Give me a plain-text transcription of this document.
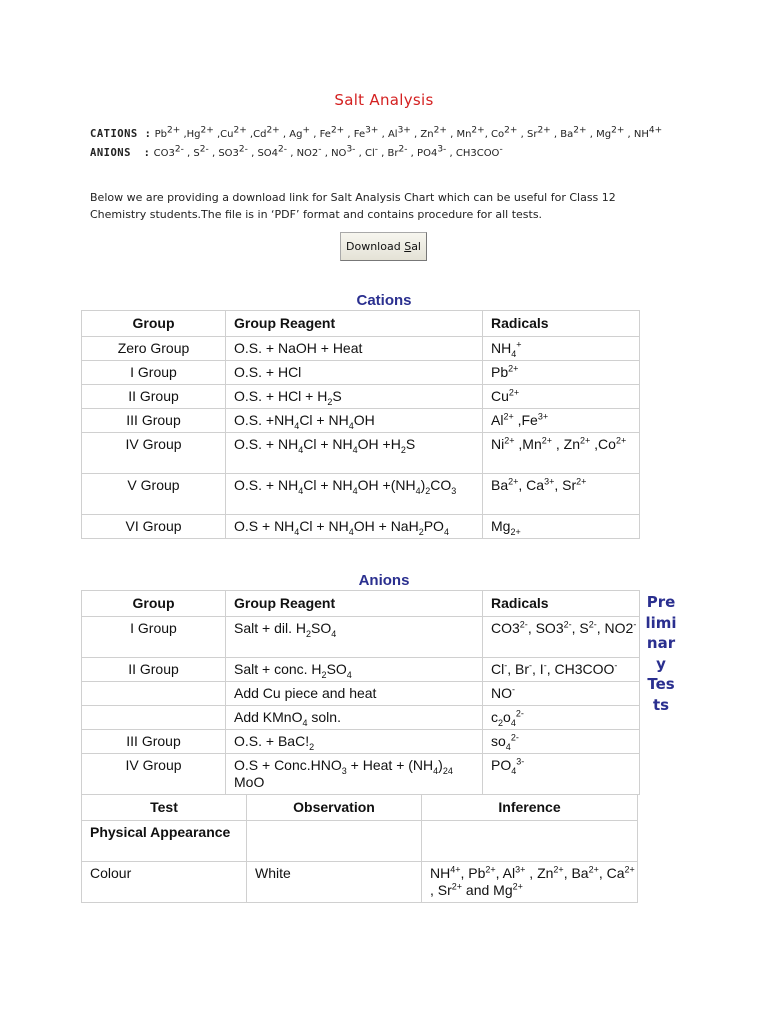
Salt Analysis
CATIONS : $Pb^{2+}$ $,Hg^{2+}$ $,Cu^{2+}$ $,Cd^{2+}$ , Ag+ , $Fe^{2+}$ , $Fe^{3+}$ , $Al^{3+}$ , $Zn^{2+}$ , $Mn^{2+}$, $Co^{2+}$ , $Sr^{2+}$ , $Ba^{2+}$ , $Mg^{2+}$ , $NH^{4+}$
ANIONS : $CO3^{2-}$ , $S^{2-}$ , $SO3^{2-}$ , $SO4^{2-}$ , NO2- , $NO^{3-}$ , Cl- , $Br^{2-}$ , $PO4^{3-}$ , CH3COO-
Below we are providing a download link for Salt Analysis Chart which can be useful for Class 12 Chemistry students.The file is in ‘PDF’ format and contains procedure for all tests.
Download Sal
Cations
Group	Group Reagent	Radicals
Zero Group	O.S. + NaOH + Heat	$NH_4^+$
I Group	O.S. + HCl	$Pb^{2+}$
II Group	O.S. + HCl + $H_2S$	$Cu^{2+}$
III Group	O.S. $+NH_4Cl + NH_4OH$	$Al^{2+}$ $,Fe^{3+}$
IV Group	O.S. + $NH_4Cl + NH_4OH +H_2S$	$Ni^{2+}$ $,Mn^{2+}$ , $Zn^{2+}$ $,Co^{2+}$
V Group	O.S. + $NH_4Cl + NH_4OH +(NH_4)_2CO_3$	$Ba^{2+}$, $Ca^{3+}$, $Sr^{2+}$
VI Group	$O.S + NH_4Cl + NH_4OH + NaH_2PO_4$	$Mg_{2+}$
Anions
Group	Group Reagent	Radicals
I Group	Salt + dil. $H_2SO_4$	$CO3^{2-}$, $SO3^{2-}$, $S^{2-}$, NO2-
II Group	Salt + conc. $H_2SO_4$	Cl-, Br-, I-, CH3COO-
	Add Cu piece and heat	NO-
	Add KMnO$_4$ soln.	$c_2o_4^{2-}$
III Group	O.S. + $BaC!_2$	$so_4^{2-}$
IV Group	$O.S + Conc.HNO_3$ + Heat + $(NH_4)_{24}$ MoO	$PO_4^{3-}$
Pre
limi
nar
y
Tes
ts
Test	Observation	Inference
Physical Appearance		
Colour	White	$NH^{4+}$, $Pb^{2+}$, $Al^{3+}$ , $Zn^{2+}$, $Ba^{2+}$, $Ca^{2+}$ , $Sr^{2+}$ and $Mg^{2+}$
